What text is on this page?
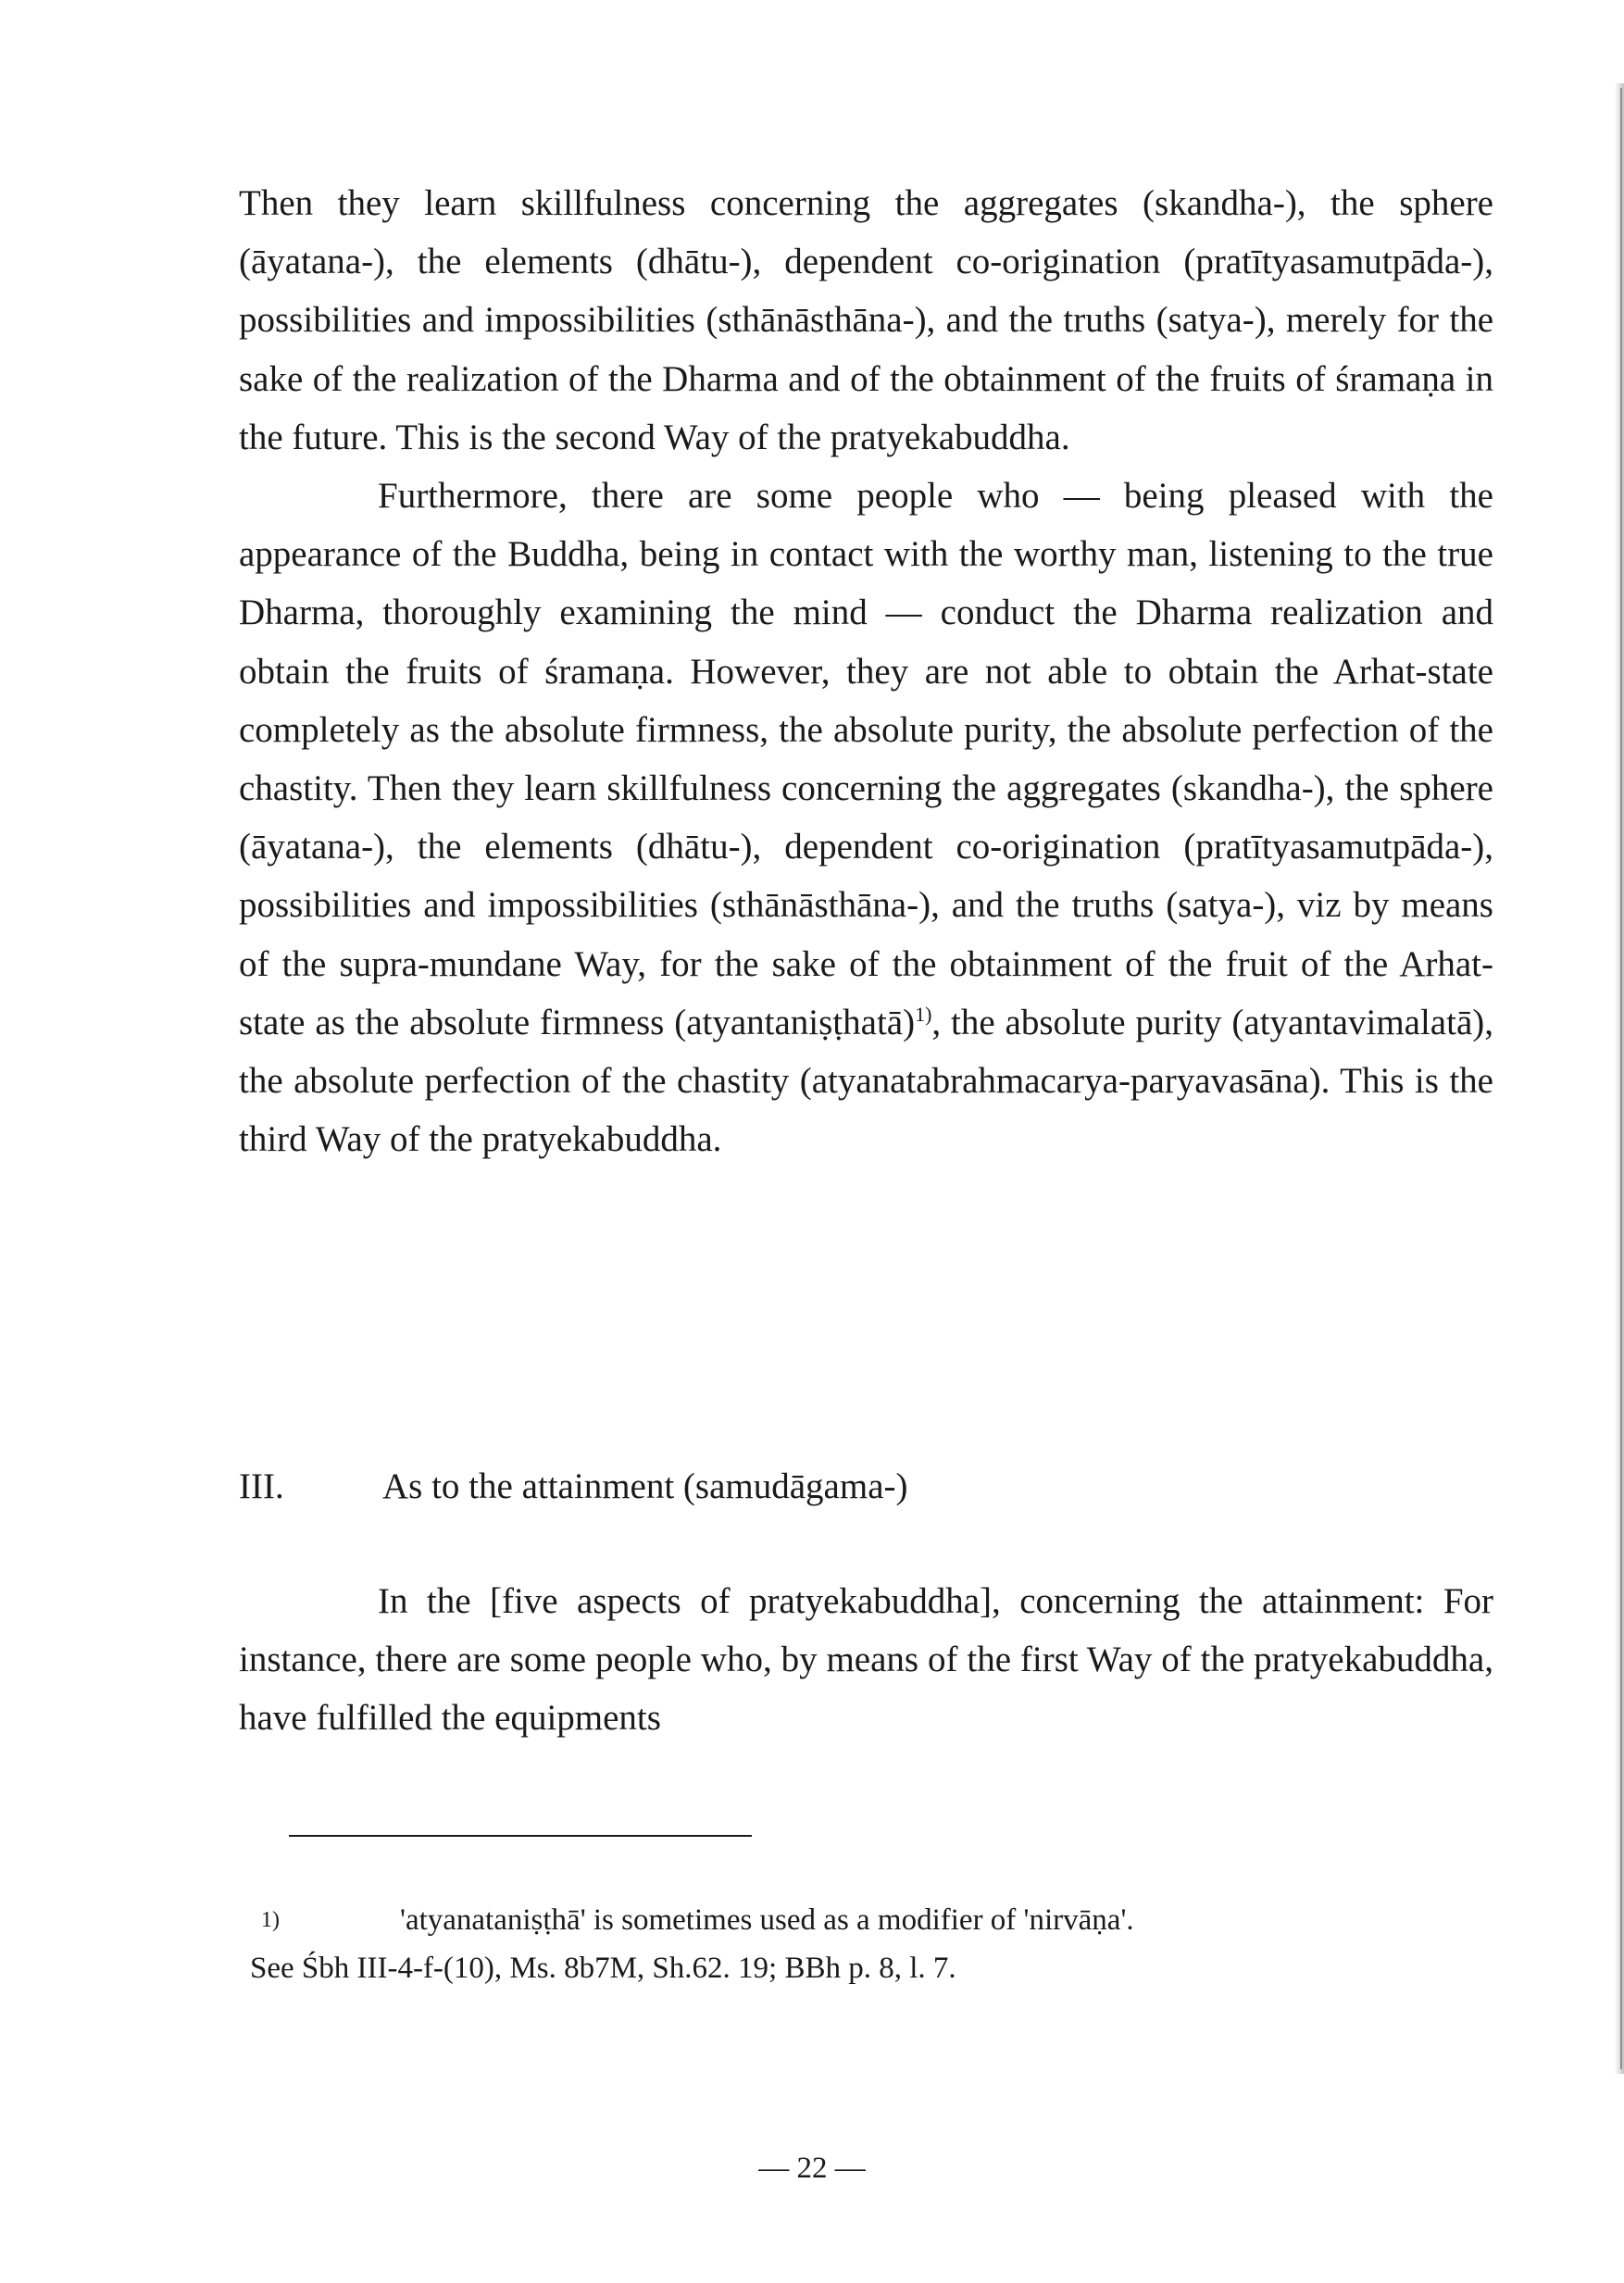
Then they learn skillfulness concerning the aggregates (skandha-), the sphere (āyatana-), the elements (dhātu-), dependent co-origination (pratītyasamutpāda-), possibilities and impossibilities (sthānāsthāna-), and the truths (satya-), merely for the sake of the realization of the Dharma and of the obtainment of the fruits of śramaṇa in the future. This is the second Way of the pratyekabuddha.

Furthermore, there are some people who — being pleased with the appearance of the Buddha, being in contact with the worthy man, listening to the true Dharma, thoroughly examining the mind — conduct the Dharma realization and obtain the fruits of śramaṇa. However, they are not able to obtain the Arhat-state completely as the absolute firmness, the absolute purity, the absolute perfection of the chastity. Then they learn skillfulness concerning the aggregates (skandha-), the sphere (āyatana-), the elements (dhātu-), dependent co-origination (pratītyasamutpāda-), possibilities and impossibilities (sthānāsthāna-), and the truths (satya-), viz by means of the supra-mundane Way, for the sake of the obtainment of the fruit of the Arhat-state as the absolute firmness (atyantaniṣṭhatā)$^{1)}$, the absolute purity (atyantavimalatā), the absolute perfection of the chastity (atyanatabrahmacarya-paryavasāna). This is the third Way of the pratyekabuddha.

III.	As to the attainment (samudāgama-)

In the [five aspects of pratyekabuddha], concerning the attainment: For instance, there are some people who, by means of the first Way of the pratyekabuddha, have fulfilled the equipments

1)	'atyanataniṣṭhā' is sometimes used as a modifier of 'nirvāṇa'.

See Śbh III-4-f-(10), Ms. 8b7M, Sh.62. 19; BBh p. 8, l. 7.

— 22 —
